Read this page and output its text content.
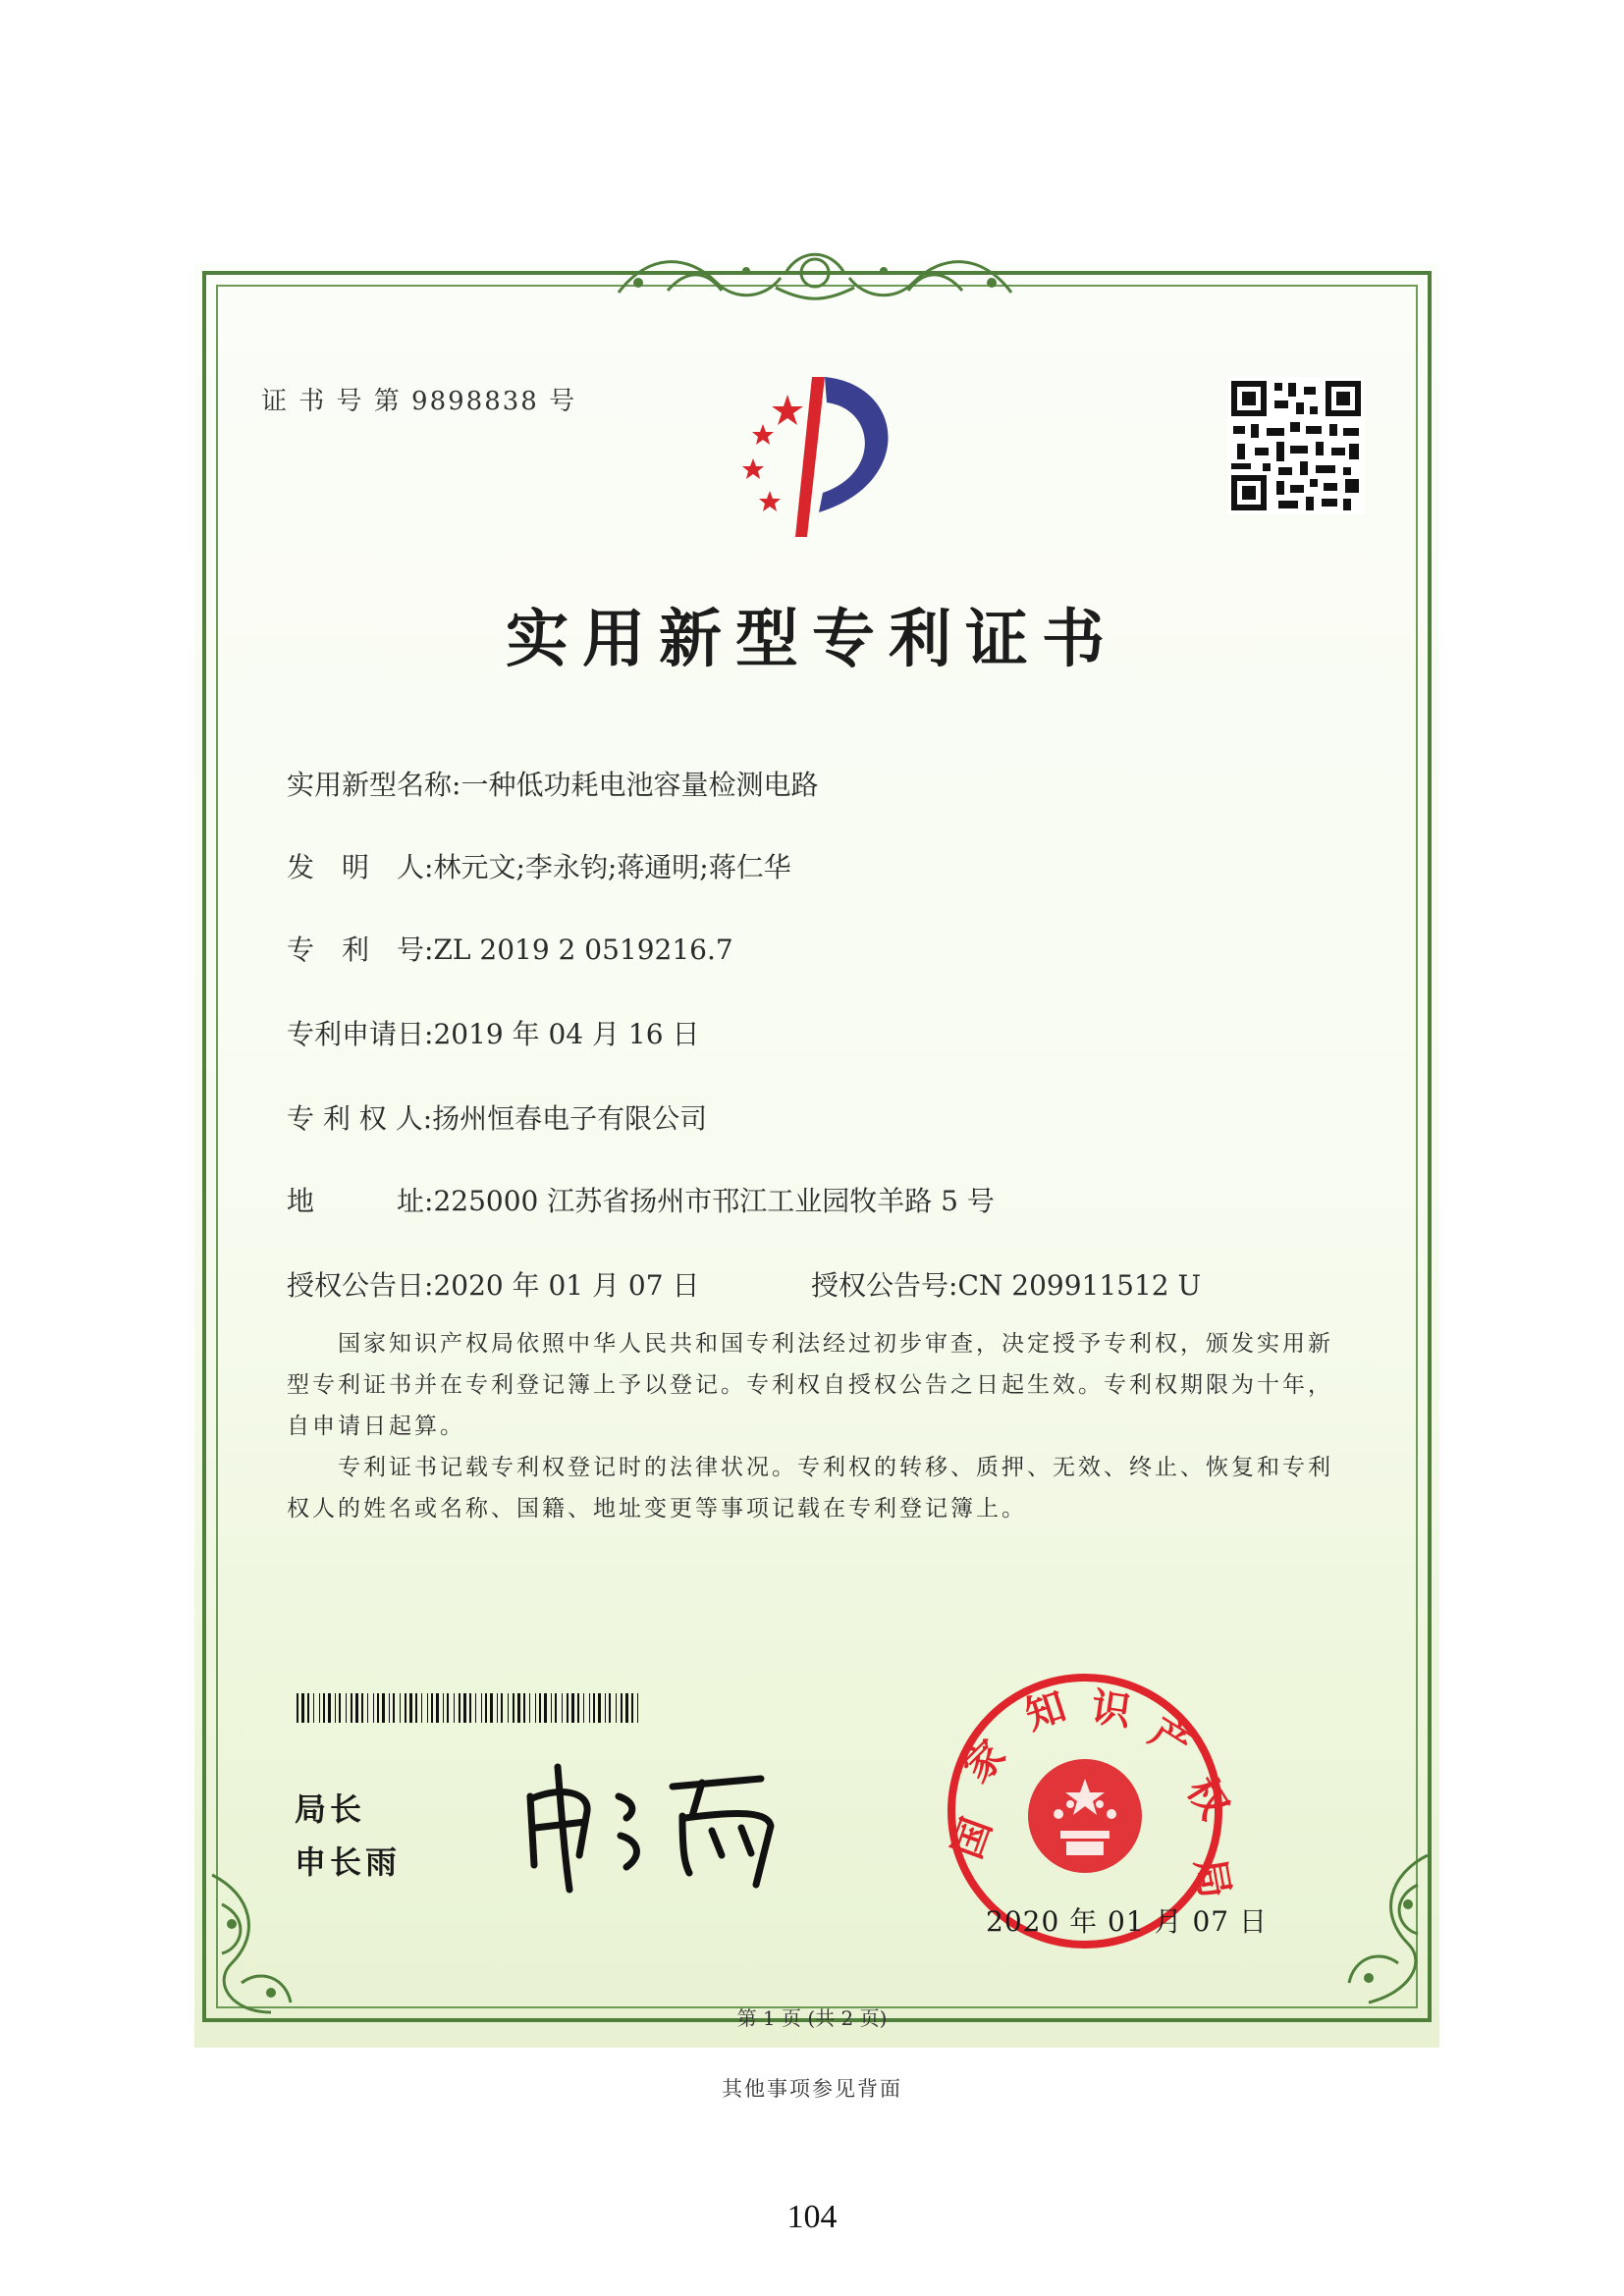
证 书 号 第 9898838 号
实用新型专利证书
实用新型名称:一种低功耗电池容量检测电路
发　明　人:林元文;李永钧;蒋通明;蒋仁华
专　利　号:ZL 2019 2 0519216.7
专利申请日:2019 年 04 月 16 日
专 利 权 人:扬州恒春电子有限公司
地　　　址:225000 江苏省扬州市邗江工业园牧羊路 5 号
授权公告日:2020 年 01 月 07 日	授权公告号:CN 209911512 U
　　国家知识产权局依照中华人民共和国专利法经过初步审查，决定授予专利权，颁发实用新型专利证书并在专利登记簿上予以登记。专利权自授权公告之日起生效。专利权期限为十年，自申请日起算。
　　专利证书记载专利权登记时的法律状况。专利权的转移、质押、无效、终止、恢复和专利权人的姓名或名称、国籍、地址变更等事项记载在专利登记簿上。
局长
申长雨	国
家
知 识 产
权
局
2020 年 01 月 07 日
第 1 页 (共 2 页)
其他事项参见背面
104
